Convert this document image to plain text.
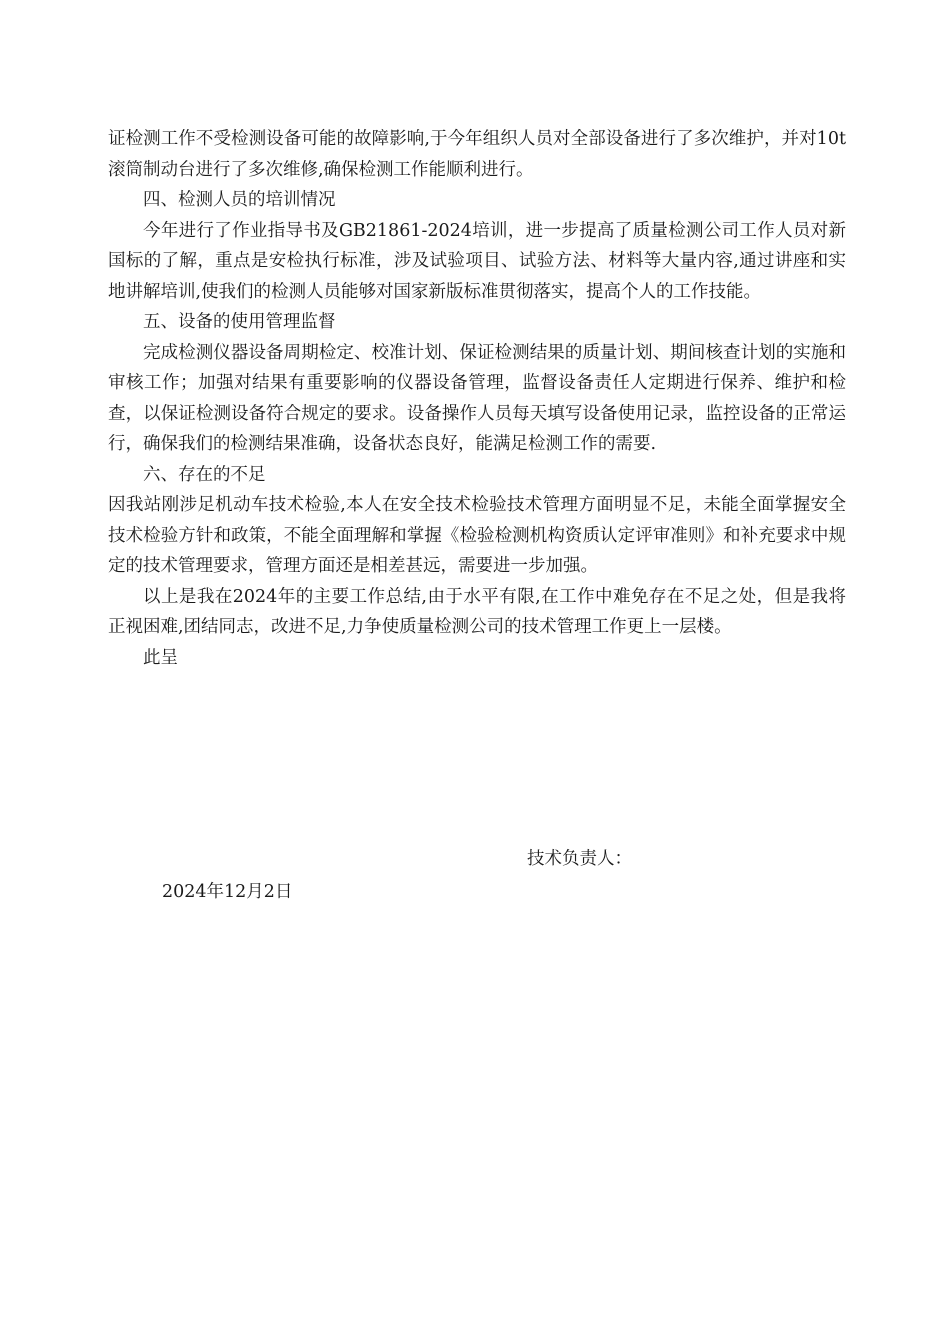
证检测工作不受检测设备可能的故障影响,于今年组织人员对全部设备进行了多次维护，并对10t滚筒制动台进行了多次维修,确保检测工作能顺利进行。

四、检测人员的培训情况

今年进行了作业指导书及GB21861-2024培训，进一步提高了质量检测公司工作人员对新国标的了解，重点是安检执行标准，涉及试验项目、试验方法、材料等大量内容,通过讲座和实地讲解培训,使我们的检测人员能够对国家新版标准贯彻落实，提高个人的工作技能。

五、设备的使用管理监督

完成检测仪器设备周期检定、校准计划、保证检测结果的质量计划、期间核查计划的实施和审核工作；加强对结果有重要影响的仪器设备管理，监督设备责任人定期进行保养、维护和检查，以保证检测设备符合规定的要求。设备操作人员每天填写设备使用记录，监控设备的正常运行，确保我们的检测结果准确，设备状态良好，能满足检测工作的需要.

六、存在的不足

因我站刚涉足机动车技术检验,本人在安全技术检验技术管理方面明显不足，未能全面掌握安全技术检验方针和政策，不能全面理解和掌握《检验检测机构资质认定评审准则》和补充要求中规定的技术管理要求，管理方面还是相差甚远，需要进一步加强。

以上是我在2024年的主要工作总结,由于水平有限,在工作中难免存在不足之处，但是我将正视困难,团结同志，改进不足,力争使质量检测公司的技术管理工作更上一层楼。

此呈

技术负责人：
2024年12月2日
